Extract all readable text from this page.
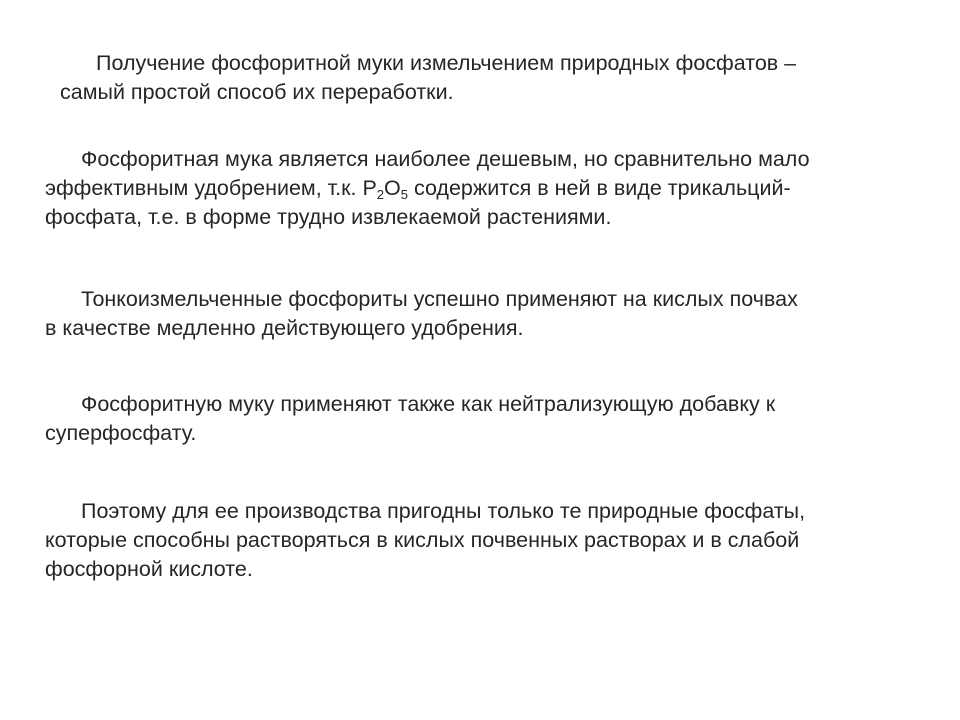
Получение фосфоритной муки измельчением природных фосфатов –
самый простой способ их переработки.

Фосфоритная мука является наиболее дешевым, но сравнительно мало
эффективным удобрением, т.к. $P_2O_5$ содержится в ней в виде трикальций-
фосфата, т.е. в форме трудно извлекаемой растениями.

Тонкоизмельченные фосфориты успешно применяют на кислых почвах
в качестве медленно действующего удобрения.

Фосфоритную муку применяют также как нейтрализующую добавку к
суперфосфату.

Поэтому для ее производства пригодны только те природные фосфаты,
которые способны растворяться в кислых почвенных растворах и в слабой
фосфорной кислоте.
